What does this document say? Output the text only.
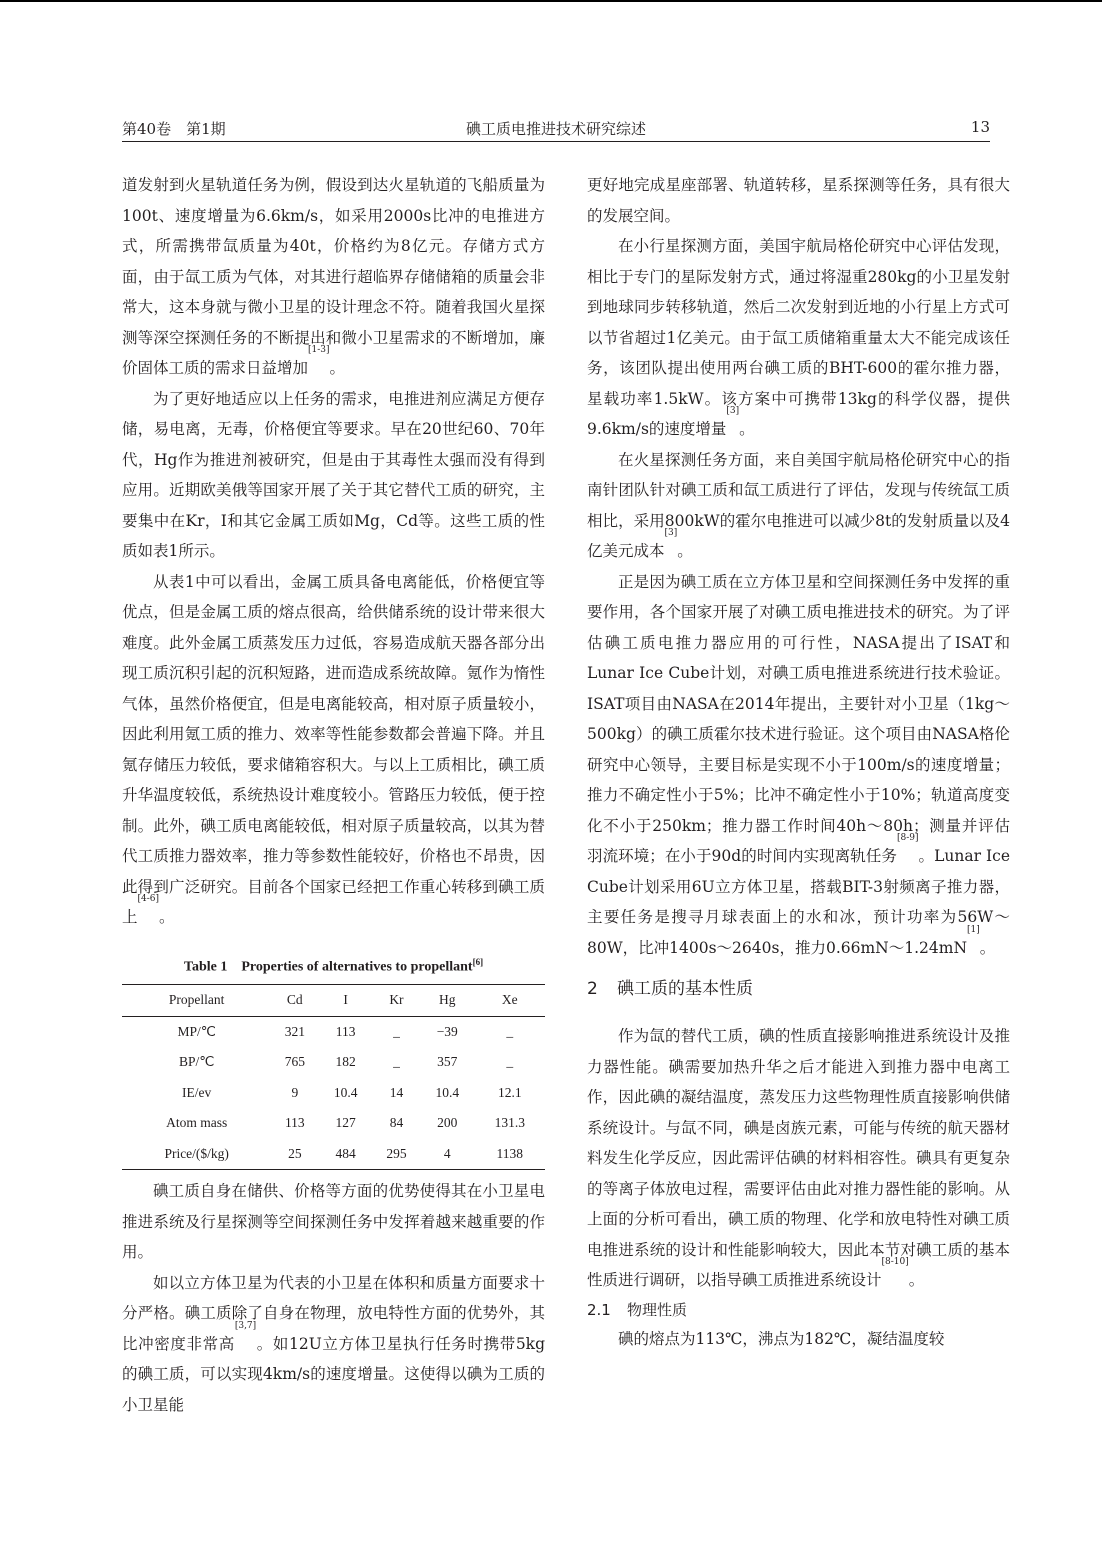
第40卷　第1期	碘工质电推进技术研究综述	13

道发射到火星轨道任务为例，假设到达火星轨道的飞船质量为100t、速度增量为6.6km/s，如采用2000s比冲的电推进方式，所需携带氙质量为40t，价格约为8亿元。存储方式方面，由于氙工质为气体，对其进行超临界存储储箱的质量会非常大，这本身就与微小卫星的设计理念不符。随着我国火星探测等深空探测任务的不断提出和微小卫星需求的不断增加，廉价固体工质的需求日益增加[1-3]。

为了更好地适应以上任务的需求，电推进剂应满足方便存储，易电离，无毒，价格便宜等要求。早在20世纪60、70年代，Hg作为推进剂被研究，但是由于其毒性太强而没有得到应用。近期欧美俄等国家开展了关于其它替代工质的研究，主要集中在Kr，I和其它金属工质如Mg，Cd等。这些工质的性质如表1所示。

从表1中可以看出，金属工质具备电离能低，价格便宜等优点，但是金属工质的熔点很高，给供储系统的设计带来很大难度。此外金属工质蒸发压力过低，容易造成航天器各部分出现工质沉积引起的沉积短路，进而造成系统故障。氪作为惰性气体，虽然价格便宜，但是电离能较高，相对原子质量较小，因此利用氪工质的推力、效率等性能参数都会普遍下降。并且氪存储压力较低，要求储箱容积大。与以上工质相比，碘工质升华温度较低，系统热设计难度较小。管路压力较低，便于控制。此外，碘工质电离能较低，相对原子质量较高，以其为替代工质推力器效率，推力等参数性能较好，价格也不昂贵，因此得到广泛研究。目前各个国家已经把工作重心转移到碘工质上[4-6]。

Table 1　Properties of alternatives to propellant[6]
Propellant	Cd	I	Kr	Hg	Xe
MP/℃	321	113	_	−39	_
BP/℃	765	182	_	357	_
IE/ev	9	10.4	14	10.4	12.1
Atom mass	113	127	84	200	131.3
Price/($/kg)	25	484	295	4	1138

碘工质自身在储供、价格等方面的优势使得其在小卫星电推进系统及行星探测等空间探测任务中发挥着越来越重要的作用。

如以立方体卫星为代表的小卫星在体积和质量方面要求十分严格。碘工质除了自身在物理，放电特性方面的优势外，其比冲密度非常高[3,7]。如12U立方体卫星执行任务时携带5kg的碘工质，可以实现4km/s的速度增量。这使得以碘为工质的小卫星能

更好地完成星座部署、轨道转移，星系探测等任务，具有很大的发展空间。

在小行星探测方面，美国宇航局格伦研究中心评估发现，相比于专门的星际发射方式，通过将湿重280kg的小卫星发射到地球同步转移轨道，然后二次发射到近地的小行星上方式可以节省超过1亿美元。由于氙工质储箱重量太大不能完成该任务，该团队提出使用两台碘工质的BHT-600的霍尔推力器，星载功率1.5kW。该方案中可携带13kg的科学仪器，提供9.6km/s的速度增量[3]。

在火星探测任务方面，来自美国宇航局格伦研究中心的指南针团队针对碘工质和氙工质进行了评估，发现与传统氙工质相比，采用800kW的霍尔电推进可以减少8t的发射质量以及4亿美元成本[3]。

正是因为碘工质在立方体卫星和空间探测任务中发挥的重要作用，各个国家开展了对碘工质电推进技术的研究。为了评估碘工质电推力器应用的可行性，NASA提出了ISAT和Lunar Ice Cube计划，对碘工质电推进系统进行技术验证。ISAT项目由NASA在2014年提出，主要针对小卫星（1kg～500kg）的碘工质霍尔技术进行验证。这个项目由NASA格伦研究中心领导，主要目标是实现不小于100m/s的速度增量；推力不确定性小于5%；比冲不确定性小于10%；轨道高度变化不小于250km；推力器工作时间40h～80h；测量并评估羽流环境；在小于90d的时间内实现离轨任务[8-9]。Lunar Ice Cube计划采用6U立方体卫星，搭载BIT-3射频离子推力器，主要任务是搜寻月球表面上的水和冰，预计功率为56W～80W，比冲1400s～2640s，推力0.66mN～1.24mN[1]。

2 碘工质的基本性质

作为氙的替代工质，碘的性质直接影响推进系统设计及推力器性能。碘需要加热升华之后才能进入到推力器中电离工作，因此碘的凝结温度，蒸发压力这些物理性质直接影响供储系统设计。与氙不同，碘是卤族元素，可能与传统的航天器材料发生化学反应，因此需评估碘的材料相容性。碘具有更复杂的等离子体放电过程，需要评估由此对推力器性能的影响。从上面的分析可看出，碘工质的物理、化学和放电特性对碘工质电推进系统的设计和性能影响较大，因此本节对碘工质的基本性质进行调研，以指导碘工质推进系统设计[8-10]。

2.1 物理性质

碘的熔点为113℃，沸点为182℃，凝结温度较
